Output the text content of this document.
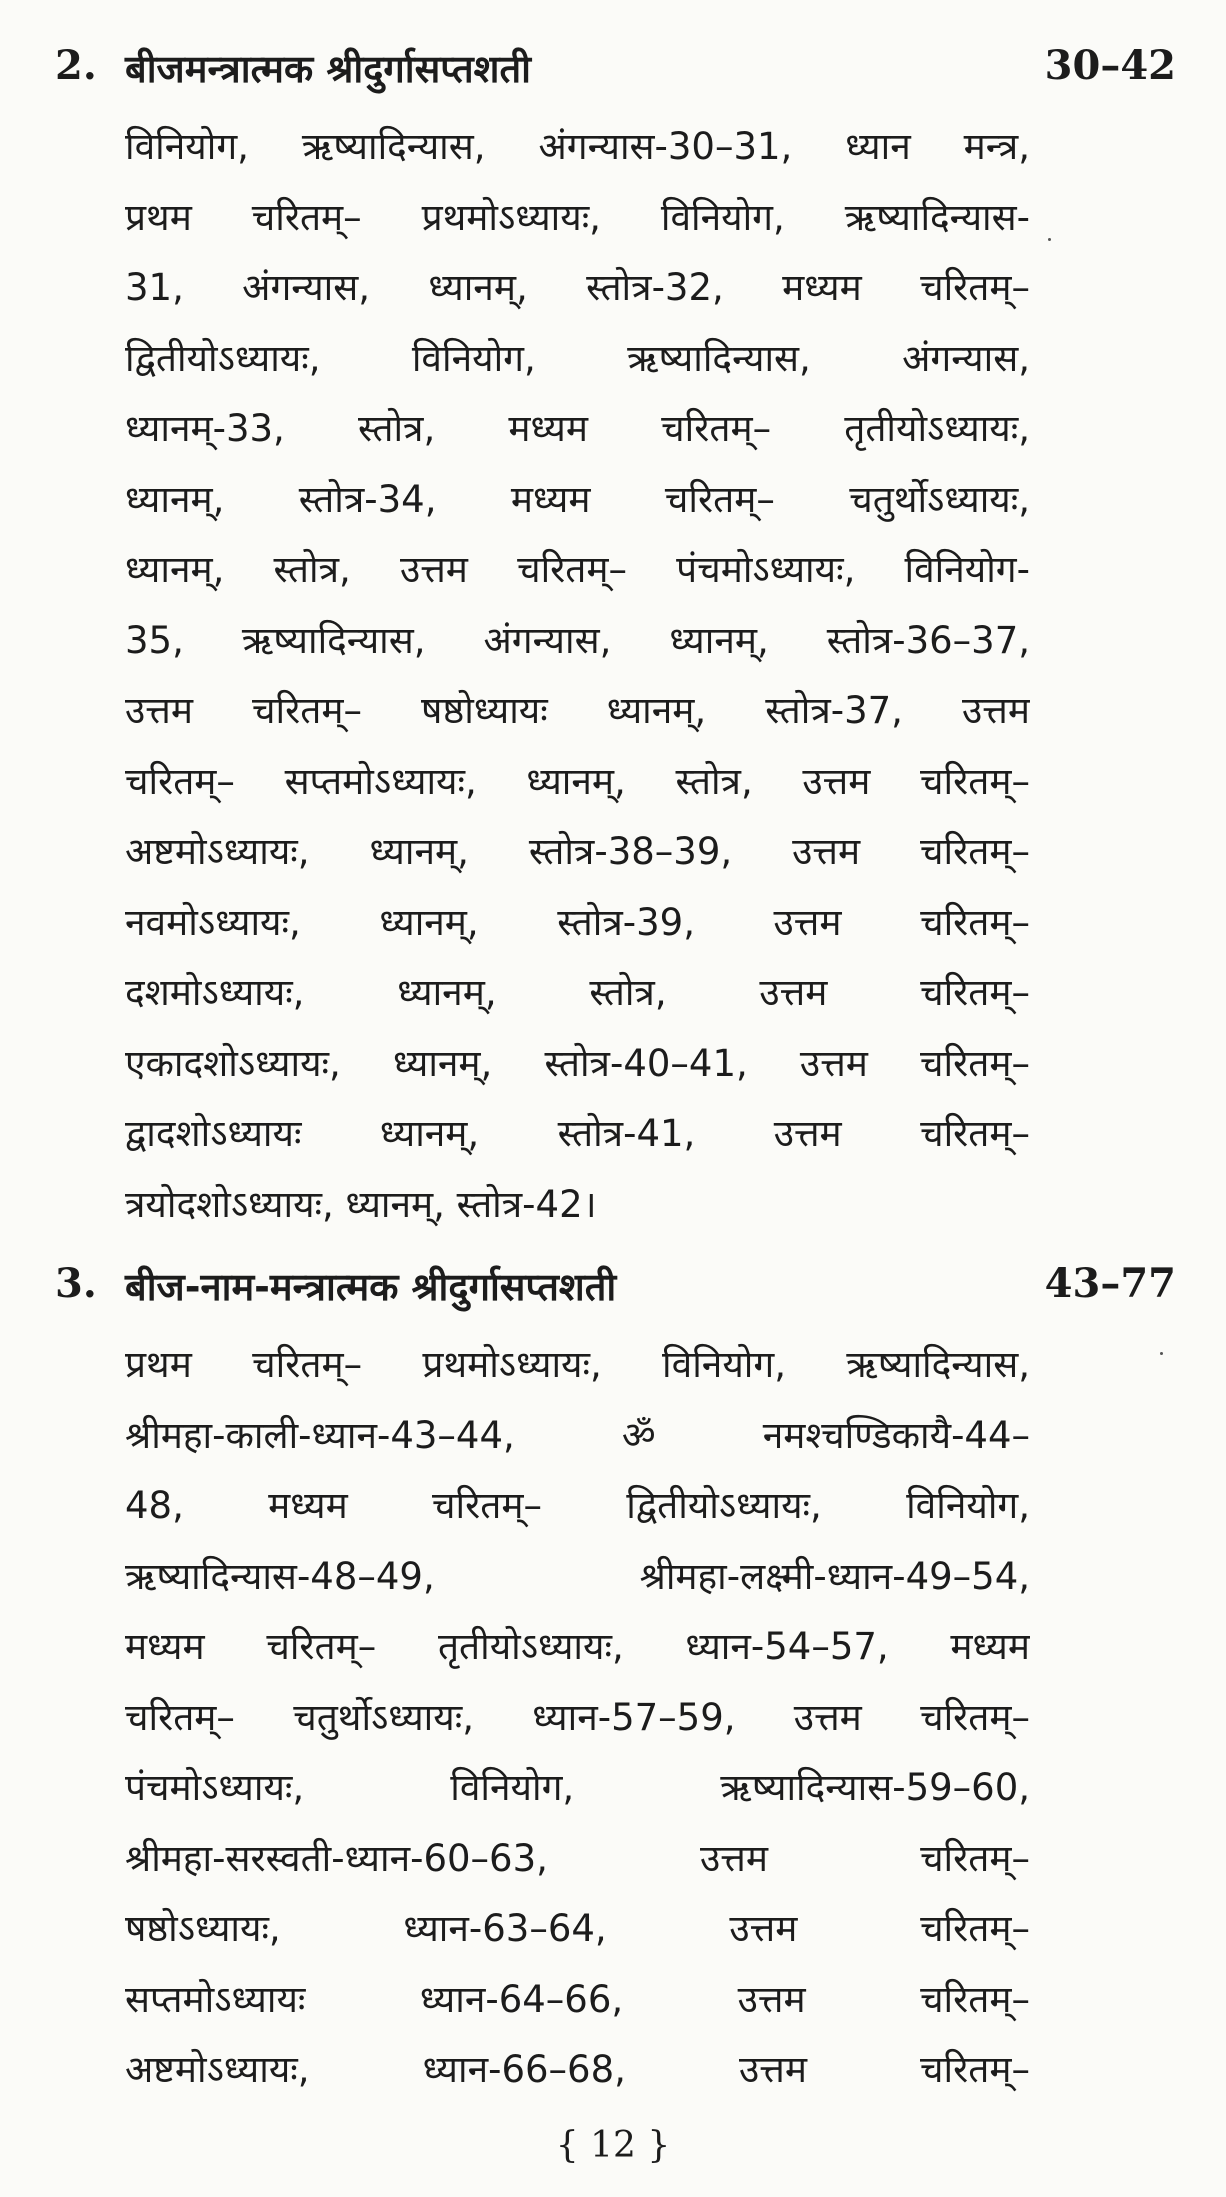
2. बीजमन्त्रात्मक श्रीदुर्गासप्तशती	30–42
विनियोग, ऋष्यादिन्यास, अंगन्यास-30–31, ध्यान मन्त्र,
प्रथम चरितम्– प्रथमोऽध्यायः, विनियोग, ऋष्यादिन्यास-
31, अंगन्यास, ध्यानम्, स्तोत्र-32, मध्यम चरितम्–
द्वितीयोऽध्यायः, विनियोग, ऋष्यादिन्यास, अंगन्यास,
ध्यानम्-33, स्तोत्र, मध्यम चरितम्– तृतीयोऽध्यायः,
ध्यानम्, स्तोत्र-34, मध्यम चरितम्– चतुर्थोऽध्यायः,
ध्यानम्, स्तोत्र, उत्तम चरितम्– पंचमोऽध्यायः, विनियोग-
35, ऋष्यादिन्यास, अंगन्यास, ध्यानम्, स्तोत्र-36–37,
उत्तम चरितम्– षष्ठोध्यायः ध्यानम्, स्तोत्र-37, उत्तम
चरितम्– सप्तमोऽध्यायः, ध्यानम्, स्तोत्र, उत्तम चरितम्–
अष्टमोऽध्यायः, ध्यानम्, स्तोत्र-38–39, उत्तम चरितम्–
नवमोऽध्यायः, ध्यानम्, स्तोत्र-39, उत्तम चरितम्–
दशमोऽध्यायः, ध्यानम्, स्तोत्र, उत्तम चरितम्–
एकादशोऽध्यायः, ध्यानम्, स्तोत्र-40–41, उत्तम चरितम्–
द्वादशोऽध्यायः ध्यानम्, स्तोत्र-41, उत्तम चरितम्–
त्रयोदशोऽध्यायः, ध्यानम्, स्तोत्र-42।
3. बीज-नाम-मन्त्रात्मक श्रीदुर्गासप्तशती	43–77
प्रथम चरितम्– प्रथमोऽध्यायः, विनियोग, ऋष्यादिन्यास,
श्रीमहा-काली-ध्यान-43–44, ॐ नमश्चण्डिकायै-44–
48, मध्यम चरितम्– द्वितीयोऽध्यायः, विनियोग,
ऋष्यादिन्यास-48–49, श्रीमहा-लक्ष्मी-ध्यान-49–54,
मध्यम चरितम्– तृतीयोऽध्यायः, ध्यान-54–57, मध्यम
चरितम्– चतुर्थोऽध्यायः, ध्यान-57–59, उत्तम चरितम्–
पंचमोऽध्यायः, विनियोग, ऋष्यादिन्यास-59–60,
श्रीमहा-सरस्वती-ध्यान-60–63, उत्तम चरितम्–
षष्ठोऽध्यायः, ध्यान-63–64, उत्तम चरितम्–
सप्तमोऽध्यायः ध्यान-64–66, उत्तम चरितम्–
अष्टमोऽध्यायः, ध्यान-66–68, उत्तम चरितम्–
{ 12 }
